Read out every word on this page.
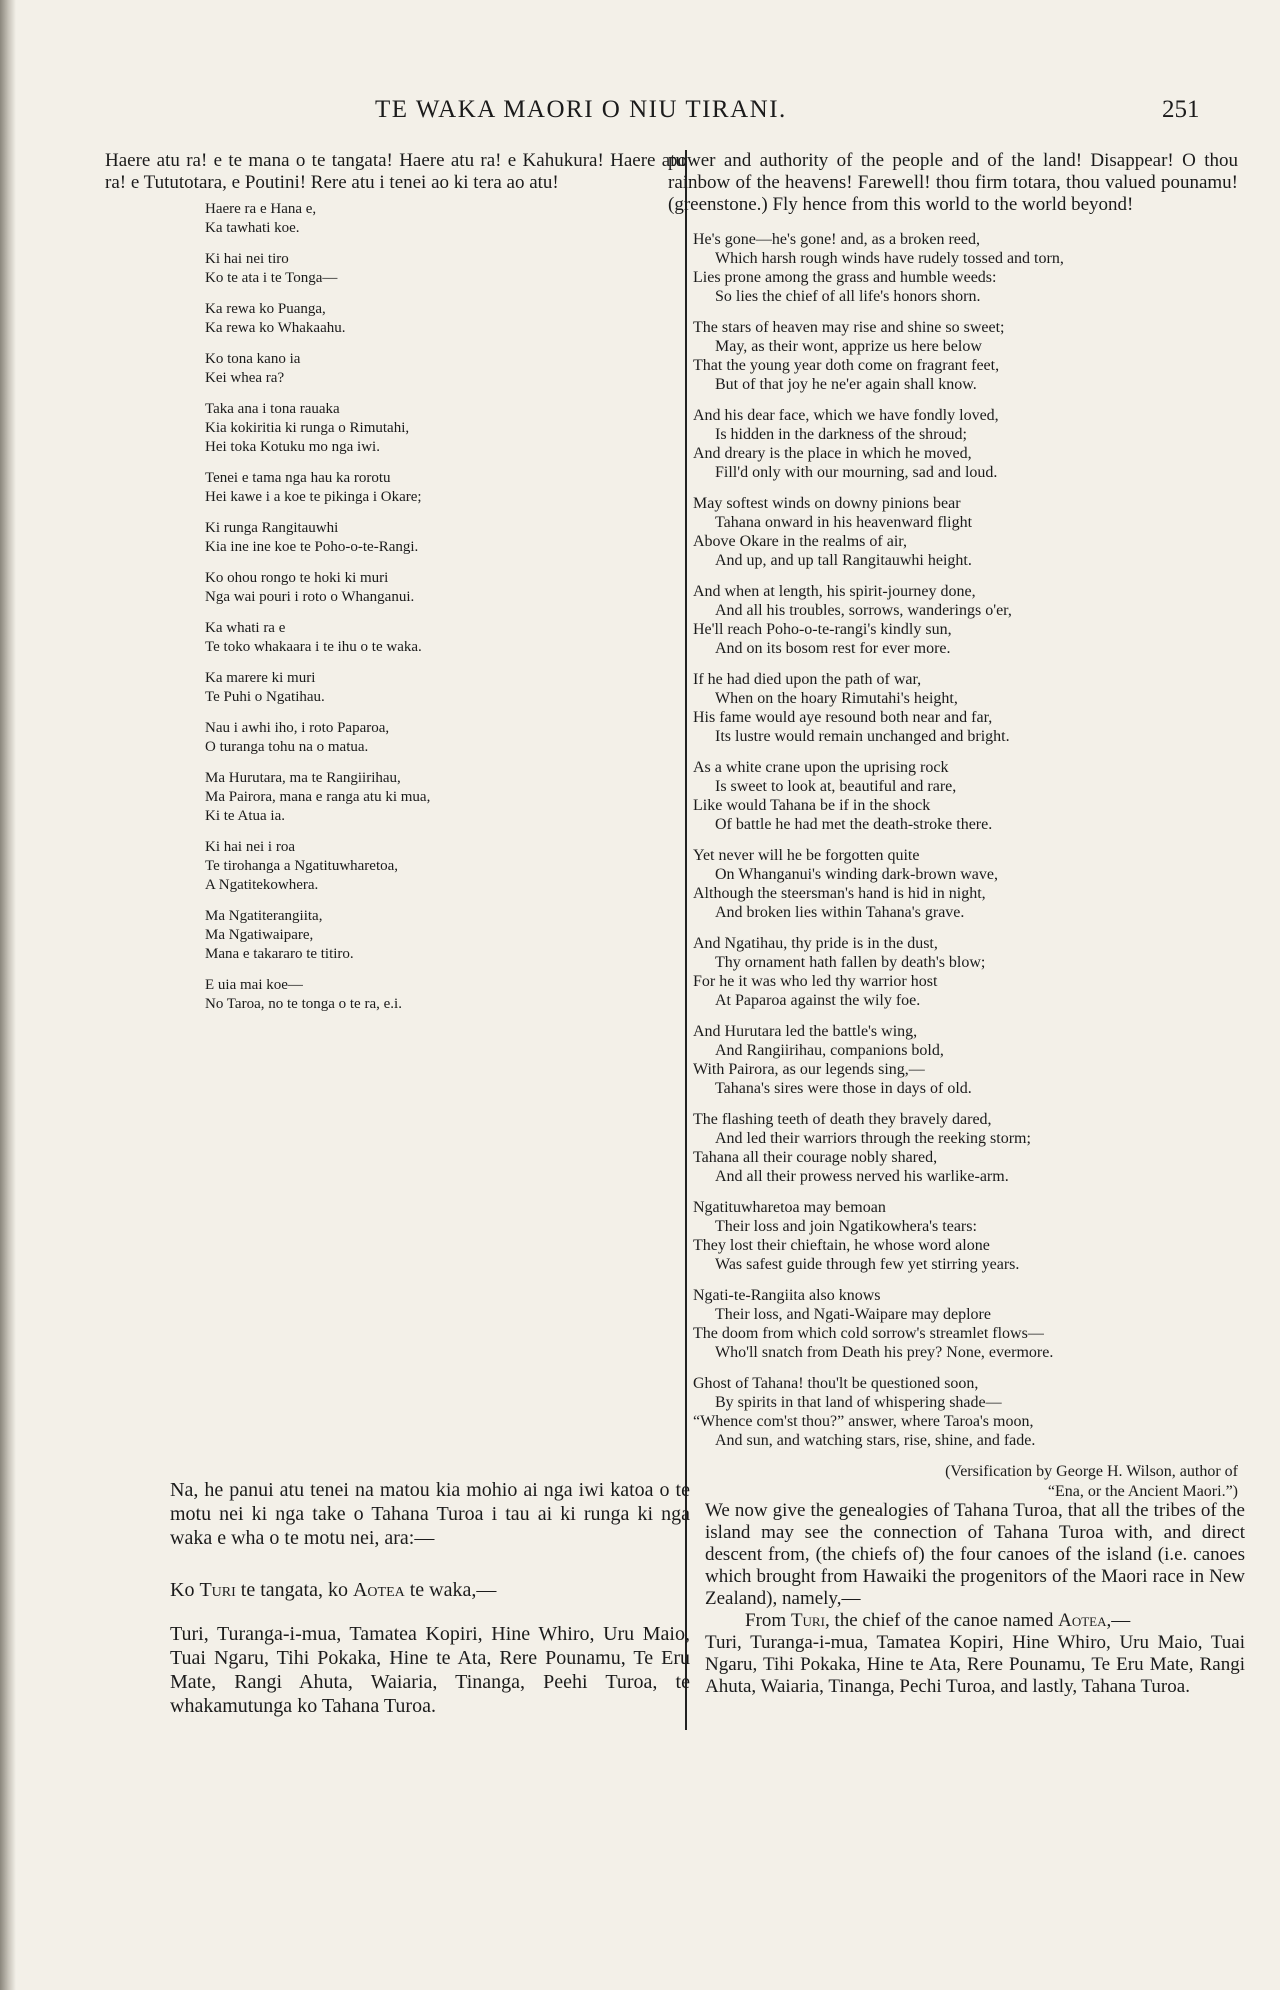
TE WAKA MAORI O NIU TIRANI.	251

Haere atu ra! e te mana o te tangata! Haere atu ra! e Kahukura! Haere atu ra! e Tututotara, e Poutini! Rere atu i tenei ao ki tera ao atu!

Haere ra e Hana e,
Ka tawhati koe.
Ki hai nei tiro
Ko te ata i te Tonga—
Ka rewa ko Puanga,
Ka rewa ko Whakaahu.
Ko tona kano ia
Kei whea ra?
Taka ana i tona rauaka
Kia kokiritia ki runga o Rimutahi,
Hei toka Kotuku mo nga iwi.
Tenei e tama nga hau ka rorotu
Hei kawe i a koe te pikinga i Okare;
Ki runga Rangitauwhi
Kia ine ine koe te Poho-o-te-Rangi.
Ko ohou rongo te hoki ki muri
Nga wai pouri i roto o Whanganui.
Ka whati ra e
Te toko whakaara i te ihu o te waka.
Ka marere ki muri
Te Puhi o Ngatihau.
Nau i awhi iho, i roto Paparoa,
O turanga tohu na o matua.
Ma Hurutara, ma te Rangiirihau,
Ma Pairora, mana e ranga atu ki mua,
Ki te Atua ia.
Ki hai nei i roa
Te tirohanga a Ngatituwharetoa,
A Ngatitekowhera.
Ma Ngatiterangiita,
Ma Ngatiwaipare,
Mana e takararo te titiro.
E uia mai koe—
No Taroa, no te tonga o te ra, e.i.

power and authority of the people and of the land! Disappear! O thou rainbow of the heavens! Farewell! thou firm totara, thou valued pounamu! (greenstone.) Fly hence from this world to the world beyond!

He's gone—he's gone! and, as a broken reed,
Which harsh rough winds have rudely tossed and torn,
Lies prone among the grass and humble weeds:
So lies the chief of all life's honors shorn.
The stars of heaven may rise and shine so sweet;
May, as their wont, apprize us here below
That the young year doth come on fragrant feet,
But of that joy he ne'er again shall know.
And his dear face, which we have fondly loved,
Is hidden in the darkness of the shroud;
And dreary is the place in which he moved,
Fill'd only with our mourning, sad and loud.
May softest winds on downy pinions bear
Tahana onward in his heavenward flight
Above Okare in the realms of air,
And up, and up tall Rangitauwhi height.
And when at length, his spirit-journey done,
And all his troubles, sorrows, wanderings o'er,
He'll reach Poho-o-te-rangi's kindly sun,
And on its bosom rest for ever more.
If he had died upon the path of war,
When on the hoary Rimutahi's height,
His fame would aye resound both near and far,
Its lustre would remain unchanged and bright.
As a white crane upon the uprising rock
Is sweet to look at, beautiful and rare,
Like would Tahana be if in the shock
Of battle he had met the death-stroke there.
Yet never will he be forgotten quite
On Whanganui's winding dark-brown wave,
Although the steersman's hand is hid in night,
And broken lies within Tahana's grave.
And Ngatihau, thy pride is in the dust,
Thy ornament hath fallen by death's blow;
For he it was who led thy warrior host
At Paparoa against the wily foe.
And Hurutara led the battle's wing,
And Rangiirihau, companions bold,
With Pairora, as our legends sing,—
Tahana's sires were those in days of old.
The flashing teeth of death they bravely dared,
And led their warriors through the reeking storm;
Tahana all their courage nobly shared,
And all their prowess nerved his warlike-arm.
Ngatituwharetoa may bemoan
Their loss and join Ngatikowhera's tears:
They lost their chieftain, he whose word alone
Was safest guide through few yet stirring years.
Ngati-te-Rangiita also knows
Their loss, and Ngati-Waipare may deplore
The doom from which cold sorrow's streamlet flows—
Who'll snatch from Death his prey? None, evermore.
Ghost of Tahana! thou'lt be questioned soon,
By spirits in that land of whispering shade—
“Whence com'st thou?” answer, where Taroa's moon,
And sun, and watching stars, rise, shine, and fade.

(Versification by George H. Wilson, author of
“Ena, or the Ancient Maori.”)

Na, he panui atu tenei na matou kia mohio ai nga iwi katoa o te motu nei ki nga take o Tahana Turoa i tau ai ki runga ki nga waka e wha o te motu nei, ara:—

Ko Turi te tangata, ko Aotea te waka,—

Turi, Turanga-i-mua, Tamatea Kopiri, Hine Whiro, Uru Maio, Tuai Ngaru, Tihi Pokaka, Hine te Ata, Rere Pounamu, Te Eru Mate, Rangi Ahuta, Waiaria, Tinanga, Peehi Turoa, te whakamutunga ko Tahana Turoa.

We now give the genealogies of Tahana Turoa, that all the tribes of the island may see the connection of Tahana Turoa with, and direct descent from, (the chiefs of) the four canoes of the island (i.e. canoes which brought from Hawaiki the progenitors of the Maori race in New Zealand), namely,—

From Turi, the chief of the canoe named Aotea,—

Turi, Turanga-i-mua, Tamatea Kopiri, Hine Whiro, Uru Maio, Tuai Ngaru, Tihi Pokaka, Hine te Ata, Rere Pounamu, Te Eru Mate, Rangi Ahuta, Waiaria, Tinanga, Pechi Turoa, and lastly, Tahana Turoa.
